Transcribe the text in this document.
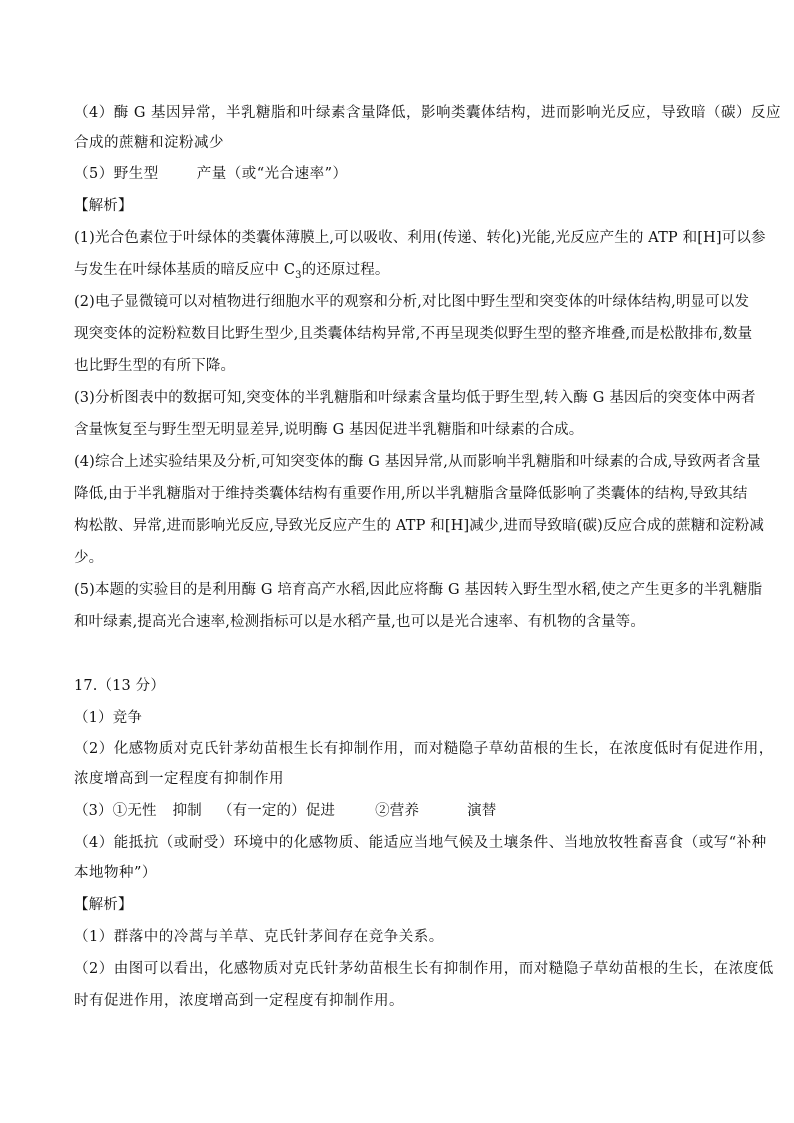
（4）酶 G 基因异常，半乳糖脂和叶绿素含量降低，影响类囊体结构，进而影响光反应，导致暗（碳）反应
合成的蔗糖和淀粉减少
（5）野生型	产量（或“光合速率”）
【解析】
(1)光合色素位于叶绿体的类囊体薄膜上,可以吸收、利用(传递、转化)光能,光反应产生的 ATP 和[H]可以参
与发生在叶绿体基质的暗反应中 $C_3$的还原过程。
(2)电子显微镜可以对植物进行细胞水平的观察和分析,对比图中野生型和突变体的叶绿体结构,明显可以发
现突变体的淀粉粒数目比野生型少,且类囊体结构异常,不再呈现类似野生型的整齐堆叠,而是松散排布,数量
也比野生型的有所下降。
(3)分析图表中的数据可知,突变体的半乳糖脂和叶绿素含量均低于野生型,转入酶 G 基因后的突变体中两者
含量恢复至与野生型无明显差异,说明酶 G 基因促进半乳糖脂和叶绿素的合成。
(4)综合上述实验结果及分析,可知突变体的酶 G 基因异常,从而影响半乳糖脂和叶绿素的合成,导致两者含量
降低,由于半乳糖脂对于维持类囊体结构有重要作用,所以半乳糖脂含量降低影响了类囊体的结构,导致其结
构松散、异常,进而影响光反应,导致光反应产生的 ATP 和[H]减少,进而导致暗(碳)反应合成的蔗糖和淀粉减
少。
(5)本题的实验目的是利用酶 G 培育高产水稻,因此应将酶 G 基因转入野生型水稻,使之产生更多的半乳糖脂
和叶绿素,提高光合速率,检测指标可以是水稻产量,也可以是光合速率、有机物的含量等。
17.（13 分）
（1）竞争
（2）化感物质对克氏针茅幼苗根生长有抑制作用，而对糙隐子草幼苗根的生长，在浓度低时有促进作用，
浓度增高到一定程度有抑制作用
（3）①无性 抑制 （有一定的）促进	②营养	演替
（4）能抵抗（或耐受）环境中的化感物质、能适应当地气候及土壤条件、当地放牧牲畜喜食（或写“补种
本地物种”）
【解析】
（1）群落中的冷蒿与羊草、克氏针茅间存在竞争关系。
（2）由图可以看出，化感物质对克氏针茅幼苗根生长有抑制作用，而对糙隐子草幼苗根的生长，在浓度低
时有促进作用，浓度增高到一定程度有抑制作用。
